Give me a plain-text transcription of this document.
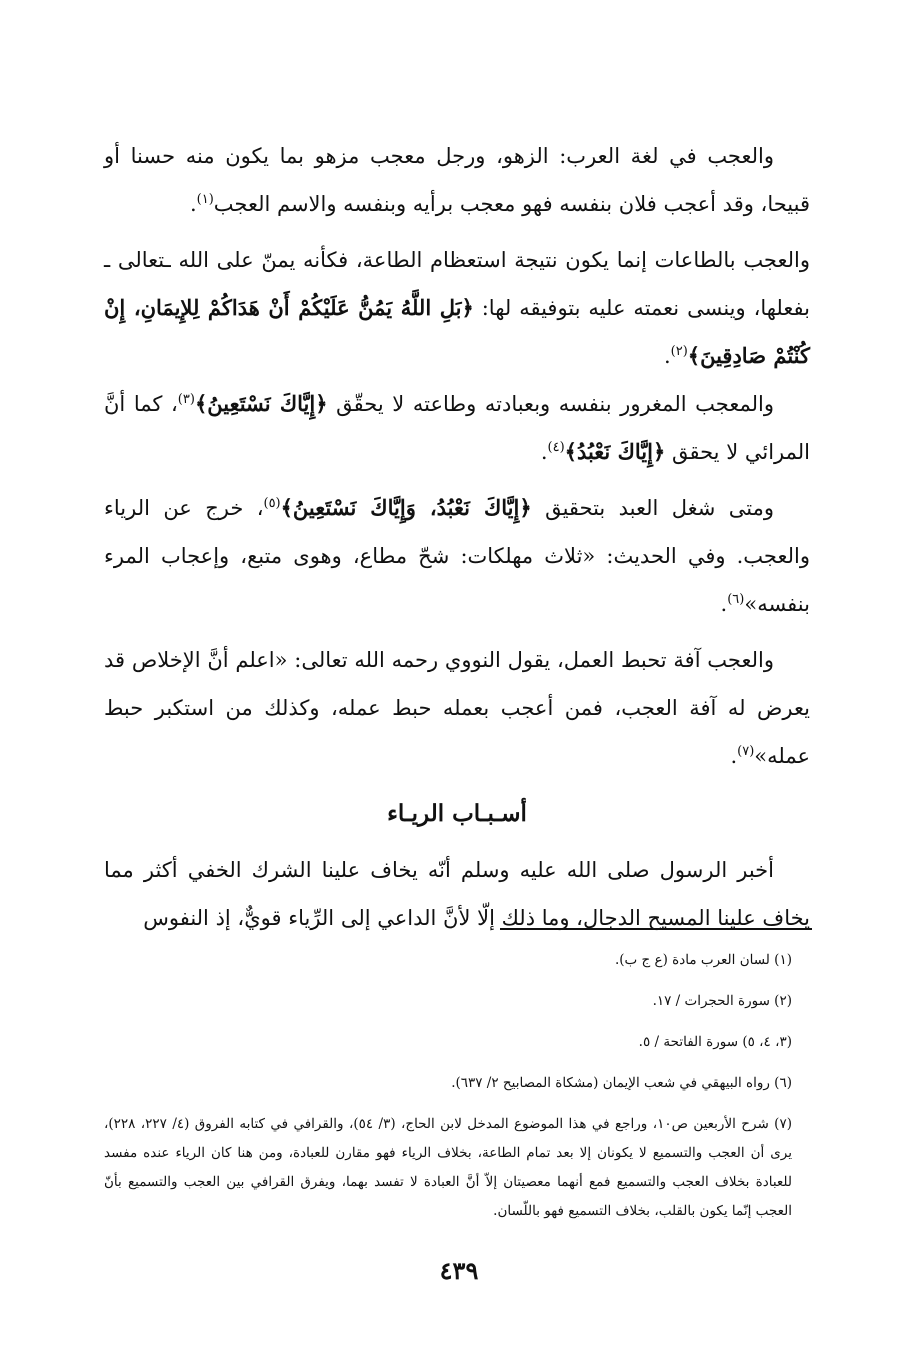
والعجب في لغة العرب: الزهو، ورجل معجب مزهو بما يكون منه حسنا أو قبيحا، وقد أعجب فلان بنفسه فهو معجب برأيه وبنفسه والاسم العجب$^{(١)}$.

والعجب بالطاعات إنما يكون نتيجة استعظام الطاعة، فكأنه يمنّ على الله ـتعالى ـ بفعلها، وينسى نعمته عليه بتوفيقه لها: ﴿بَلِ اللَّهُ يَمُنُّ عَلَيْكُمْ أَنْ هَدَاكُمْ لِلإِيمَانِ، إِنْ كُنْتُمْ صَادِقِينَ﴾$^{(٢)}$.

والمعجب المغرور بنفسه وبعبادته وطاعته لا يحقّق ﴿إِيَّاكَ نَسْتَعِينُ﴾$^{(٣)}$، كما أنَّ المرائي لا يحقق ﴿إِيَّاكَ نَعْبُدُ﴾$^{(٤)}$.

ومتى شغل العبد بتحقيق ﴿إِيَّاكَ نَعْبُدُ، وَإِيَّاكَ نَسْتَعِينُ﴾$^{(٥)}$، خرج عن الرياء والعجب. وفي الحديث: «ثلاث مهلكات: شحّ مطاع، وهوى متبع، وإعجاب المرء بنفسه»$^{(٦)}$.

والعجب آفة تحبط العمل، يقول النووي رحمه الله تعالى: «اعلم أنَّ الإخلاص قد يعرض له آفة العجب، فمن أعجب بعمله حبط عمله، وكذلك من استكبر حبط عمله»$^{(٧)}$.

أسـبـاب الريـاء

أخبر الرسول صلى الله عليه وسلم أنّه يخاف علينا الشرك الخفي أكثر مما يخاف علينا المسيح الدجال، وما ذلك إلّا لأنَّ الداعي إلى الرِّياء قويٌّ، إذ النفوس

(١) لسان العرب مادة (ع ج ب).

(٢) سورة الحجرات / ١٧.

(٣، ٤، ٥) سورة الفاتحة / ٥.

(٦) رواه البيهقي في شعب الإيمان (مشكاة المصابيح ٢/ ٦٣٧).

(٧) شرح الأربعين ص١٠، وراجع في هذا الموضوع المدخل لابن الحاج، (٣/ ٥٤)، والقرافي في كتابه الفروق (٤/ ٢٢٧، ٢٢٨)، يرى أن العجب والتسميع لا يكونان إلا بعد تمام الطاعة، بخلاف الرياء فهو مقارن للعبادة، ومن هنا كان الرياء عنده مفسد للعبادة بخلاف العجب والتسميع فمع أنهما معصيتان إلاّ أنَّ العبادة لا تفسد بهما، ويفرق القرافي بين العجب والتسميع بأنّ العجب إنّما يكون بالقلب، بخلاف التسميع فهو باللّسان.

٤٣٩
